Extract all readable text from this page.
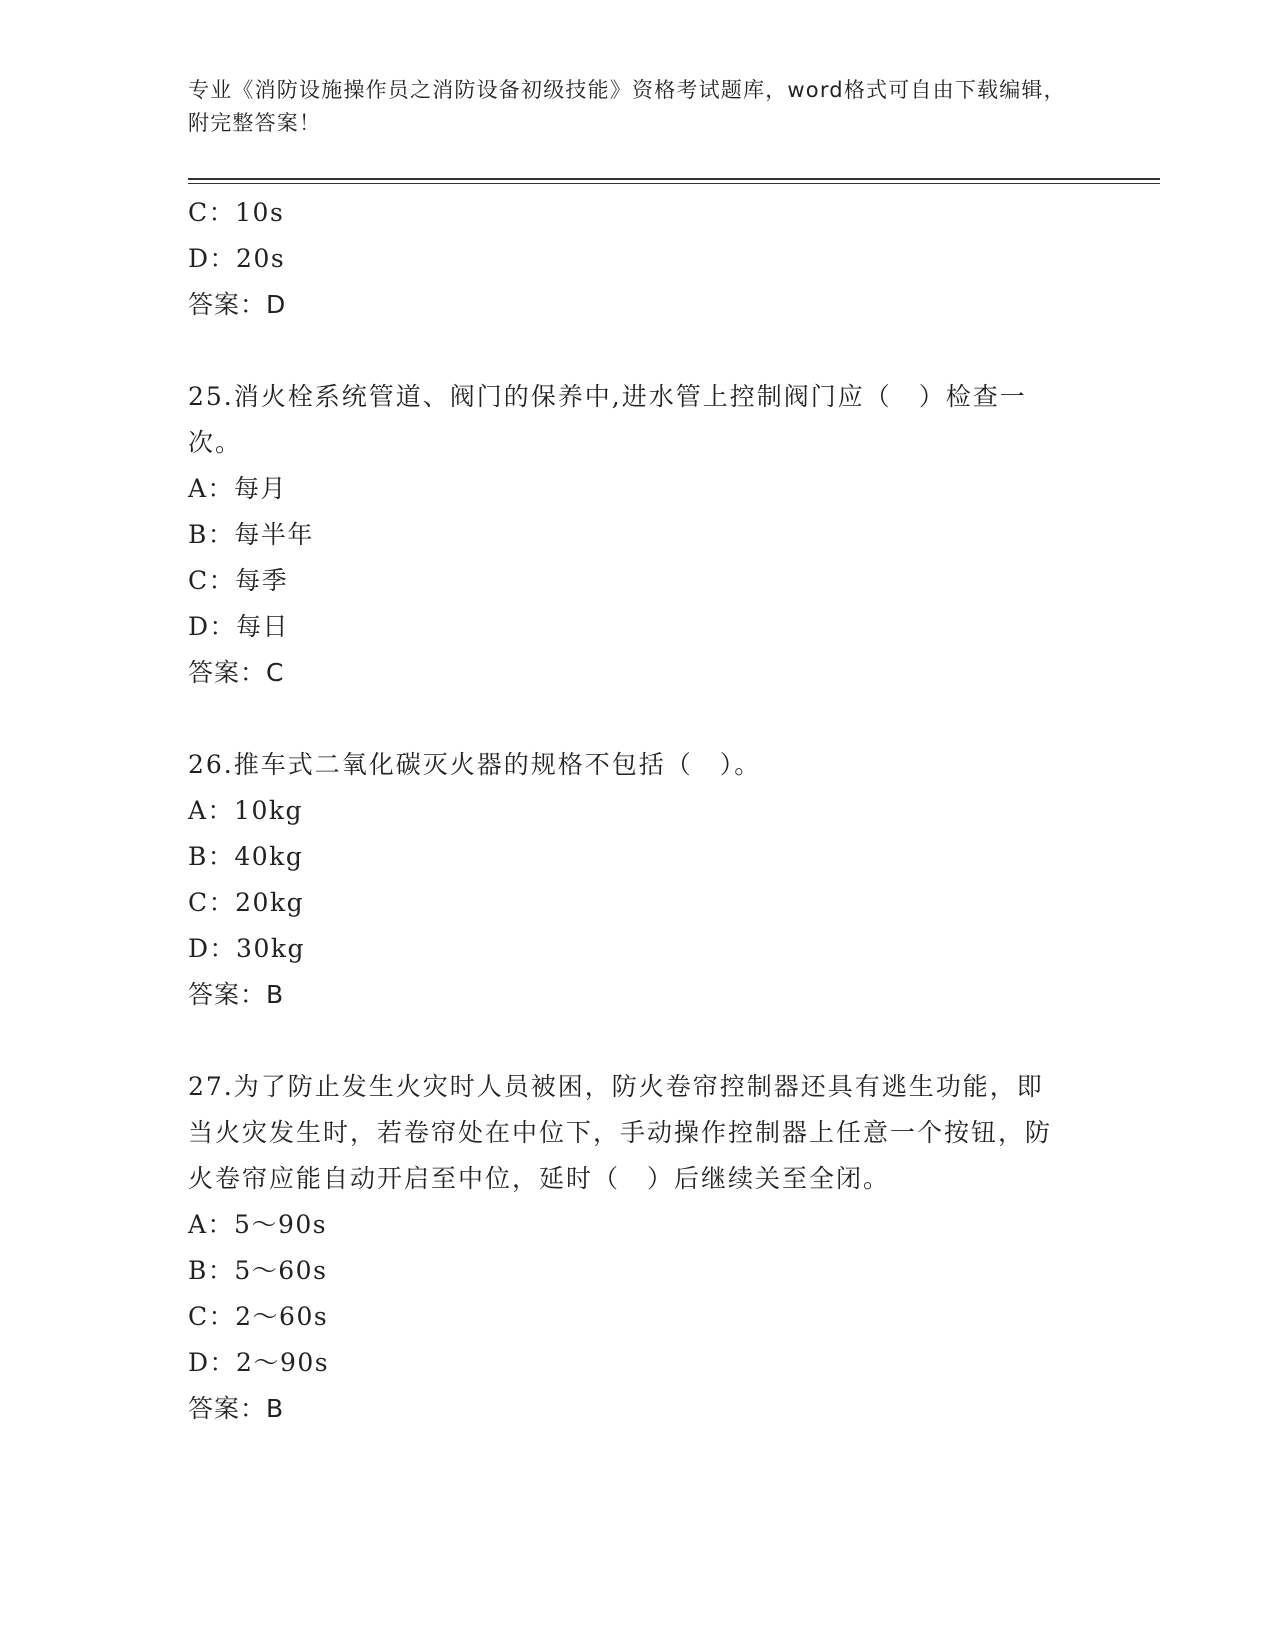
专业《消防设施操作员之消防设备初级技能》资格考试题库，word格式可自由下载编辑，附完整答案！
C：10s
D：20s
答案：D
25.消火栓系统管道、阀门的保养中,进水管上控制阀门应（　）检查一次。
A：每月
B：每半年
C：每季
D：每日
答案：C
26.推车式二氧化碳灭火器的规格不包括（　）。
A：10kg
B：40kg
C：20kg
D：30kg
答案：B
27.为了防止发生火灾时人员被困，防火卷帘控制器还具有逃生功能，即当火灾发生时，若卷帘处在中位下，手动操作控制器上任意一个按钮，防火卷帘应能自动开启至中位，延时（　）后继续关至全闭。
A：5～90s
B：5～60s
C：2～60s
D：2～90s
答案：B
